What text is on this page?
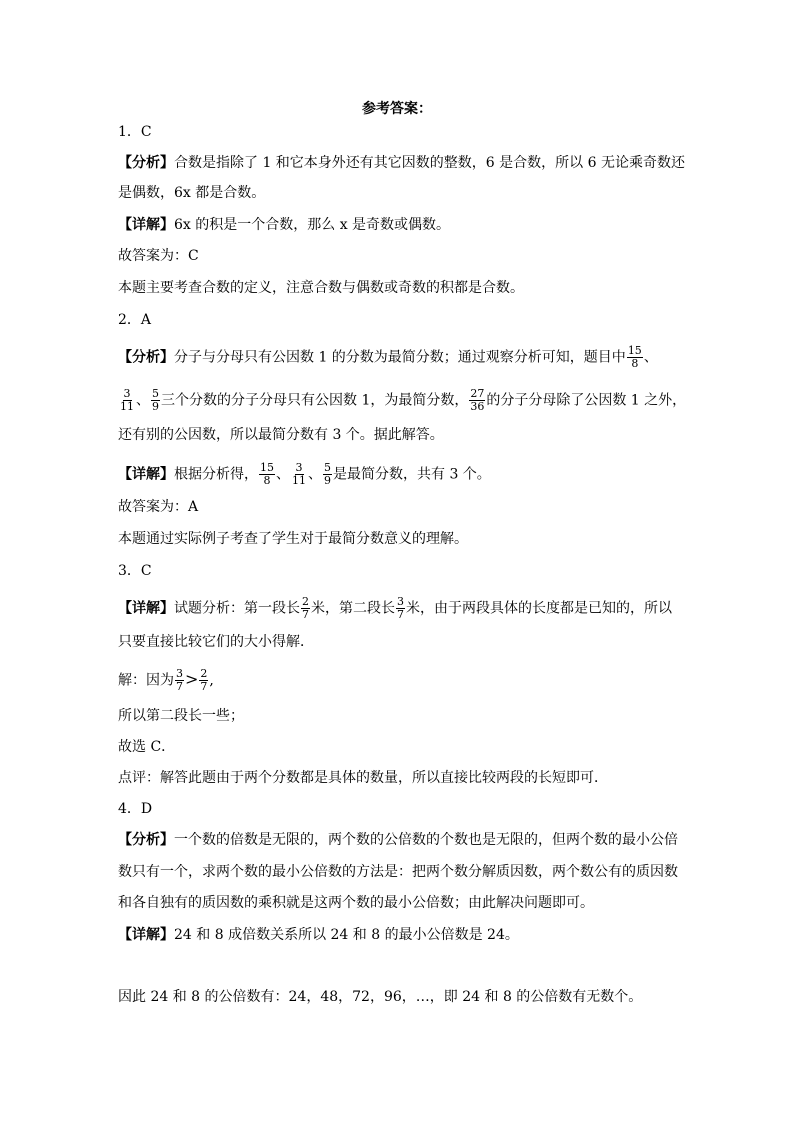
参考答案：
1．C
【分析】合数是指除了 1 和它本身外还有其它因数的整数，6 是合数，所以 6 无论乘奇数还
是偶数，6x 都是合数。
【详解】6x 的积是一个合数，那么 x 是奇数或偶数。
故答案为：C
本题主要考查合数的定义，注意合数与偶数或奇数的积都是合数。
2．A
【分析】分子与分母只有公因数 1 的分数为最简分数；通过观察分析可知，题目中 $\frac{15}{8}$ 、
$\frac{3}{11}$ 、 $\frac{5}{9}$ 三个分数的分子分母只有公因数 1，为最简分数， $\frac{27}{36}$ 的分子分母除了公因数 1 之外，
还有别的公因数，所以最简分数有 3 个。据此解答。
【详解】根据分析得， $\frac{15}{8}$ 、 $\frac{3}{11}$ 、 $\frac{5}{9}$ 是最简分数，共有 3 个。
故答案为：A
本题通过实际例子考查了学生对于最简分数意义的理解。
3．C
【详解】试题分析：第一段长 $\frac{2}{7}$ 米，第二段长 $\frac{3}{7}$ 米，由于两段具体的长度都是已知的，所以
只要直接比较它们的大小得解．
解：因为 $\frac{3}{7} > \frac{2}{7}$ ,
所以第二段长一些；
故选 C．
点评：解答此题由于两个分数都是具体的数量，所以直接比较两段的长短即可．
4．D
【分析】一个数的倍数是无限的，两个数的公倍数的个数也是无限的，但两个数的最小公倍
数只有一个，求两个数的最小公倍数的方法是：把两个数分解质因数，两个数公有的质因数
和各自独有的质因数的乘积就是这两个数的最小公倍数；由此解决问题即可。
【详解】24 和 8 成倍数关系所以 24 和 8 的最小公倍数是 24。
因此 24 和 8 的公倍数有：24，48，72，96，…，即 24 和 8 的公倍数有无数个。
